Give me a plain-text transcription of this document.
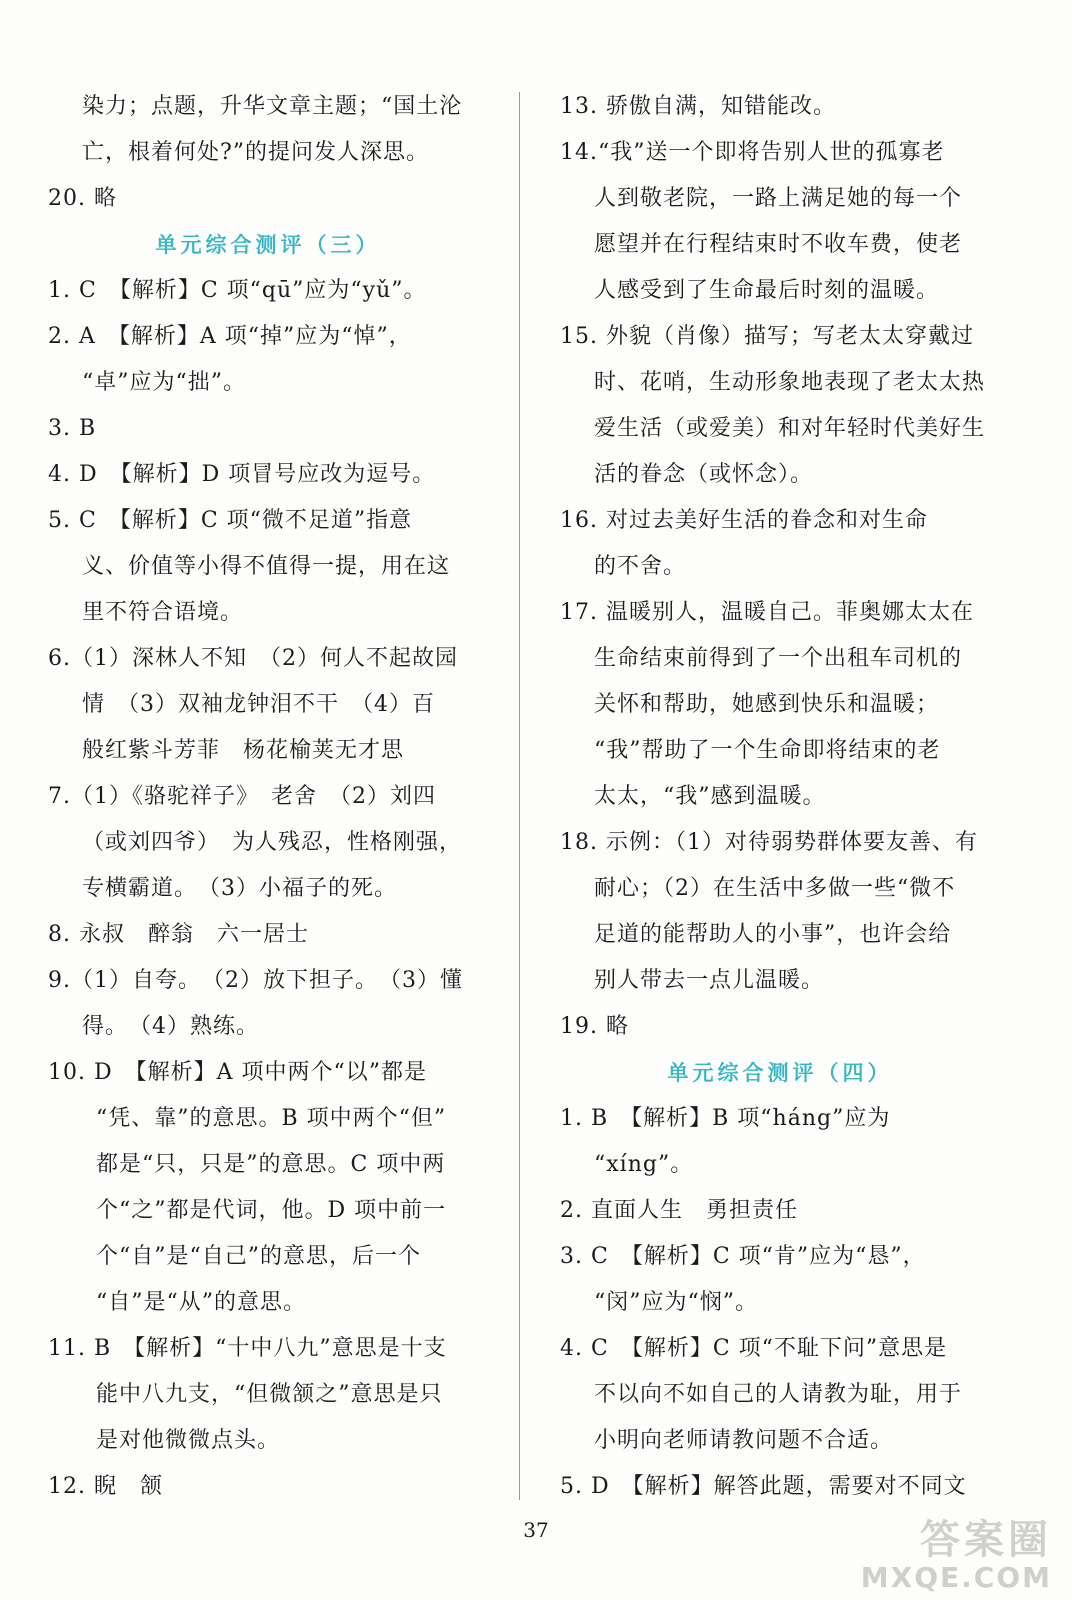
染力；点题，升华文章主题；“国土沦
亡，根着何处?”的提问发人深思。
20. 略
单元综合测评（三）
1. C　【解析】C 项“qū”应为“yǔ”。
2. A　【解析】A 项“掉”应为“悼”，
“卓”应为“拙”。
3. B
4. D　【解析】D 项冒号应改为逗号。
5. C　【解析】C 项“微不足道”指意
义、价值等小得不值得一提，用在这
里不符合语境。
6.（1）深林人不知　（2）何人不起故园
情　（3）双袖龙钟泪不干　（4）百
般红紫斗芳菲　杨花榆荚无才思
7.（1）《骆驼祥子》　老舍　（2）刘四
（或刘四爷）　为人残忍，性格刚强，
专横霸道。　（3）小福子的死。
8. 永叔　醉翁　六一居士
9.（1）自夸。　（2）放下担子。　（3）懂
得。　（4）熟练。
10. D　【解析】A 项中两个“以”都是
“凭、靠”的意思。B 项中两个“但”
都是“只，只是”的意思。C 项中两
个“之”都是代词，他。D 项中前一
个“自”是“自己”的意思，后一个
“自”是“从”的意思。
11. B　【解析】“十中八九”意思是十支
能中八九支，“但微颔之”意思是只
是对他微微点头。
12. 睨　颔
13. 骄傲自满，知错能改。
14.“我”送一个即将告别人世的孤寡老
人到敬老院，一路上满足她的每一个
愿望并在行程结束时不收车费，使老
人感受到了生命最后时刻的温暖。
15. 外貌（肖像）描写；写老太太穿戴过
时、花哨，生动形象地表现了老太太热
爱生活（或爱美）和对年轻时代美好生
活的眷念（或怀念）。
16. 对过去美好生活的眷念和对生命
的不舍。
17. 温暖别人，温暖自己。菲奥娜太太在
生命结束前得到了一个出租车司机的
关怀和帮助，她感到快乐和温暖；
“我”帮助了一个生命即将结束的老
太太，“我”感到温暖。
18. 示例：（1）对待弱势群体要友善、有
耐心；（2）在生活中多做一些“微不
足道的能帮助人的小事”，也许会给
别人带去一点儿温暖。
19. 略
单元综合测评（四）
1. B　【解析】B 项“háng”应为
“xíng”。
2. 直面人生　勇担责任
3. C　【解析】C 项“肯”应为“恳”，
“闵”应为“悯”。
4. C　【解析】C 项“不耻下问”意思是
不以向不如自己的人请教为耻，用于
小明向老师请教问题不合适。
5. D　【解析】解答此题，需要对不同文
37	答案圈
MXQE.COM
